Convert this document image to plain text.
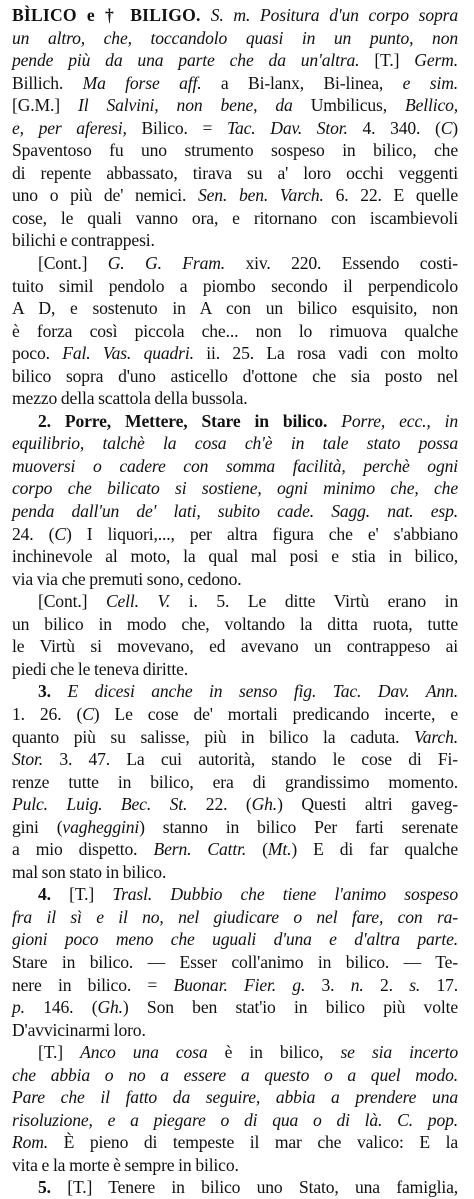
BÌLICO e † BILIGO. S. m. Positura d'un corpo sopra
un altro, che, toccandolo quasi in un punto, non
pende più da una parte che da un'altra. [T.] Germ.
Billich. Ma forse aff. a Bi-lanx, Bi-linea, e sim.
[G.M.] Il Salvini, non bene, da Umbilicus, Bellico,
e, per aferesi, Bilico. = Tac. Dav. Stor. 4. 340. (C)
Spaventoso fu uno strumento sospeso in bilico, che
di repente abbassato, tirava su a' loro occhi veggenti
uno o più de' nemici. Sen. ben. Varch. 6. 22. E quelle
cose, le quali vanno ora, e ritornano con iscambievoli
bilichi e contrappesi.
[Cont.] G. G. Fram. xiv. 220. Essendo costi-
tuito simil pendolo a piombo secondo il perpendicolo
A D, e sostenuto in A con un bilico esquisito, non
è forza così piccola che... non lo rimuova qualche
poco. Fal. Vas. quadri. ii. 25. La rosa vadi con molto
bilico sopra d'uno asticello d'ottone che sia posto nel
mezzo della scattola della bussola.
2. Porre, Mettere, Stare in bilico. Porre, ecc., in
equilibrio, talchè la cosa ch'è in tale stato possa
muoversi o cadere con somma facilità, perchè ogni
corpo che bilicato si sostiene, ogni minimo che, che
penda dall'un de' lati, subito cade. Sagg. nat. esp.
24. (C) I liquori,..., per altra figura che e' s'abbiano
inchinevole al moto, la qual mal posi e stia in bilico,
via via che premuti sono, cedono.
[Cont.] Cell. V. i. 5. Le ditte Virtù erano in
un bilico in modo che, voltando la ditta ruota, tutte
le Virtù si movevano, ed avevano un contrappeso ai
piedi che le teneva diritte.
3. E dicesi anche in senso fig. Tac. Dav. Ann.
1. 26. (C) Le cose de' mortali predicando incerte, e
quanto più su salisse, più in bilico la caduta. Varch.
Stor. 3. 47. La cui autorità, stando le cose di Fi-
renze tutte in bilico, era di grandissimo momento.
Pulc. Luig. Bec. St. 22. (Gh.) Questi altri gaveg-
gini (vagheggini) stanno in bilico Per farti serenate
a mio dispetto. Bern. Cattr. (Mt.) E di far qualche
mal son stato in bilico.
4. [T.] Trasl. Dubbio che tiene l'animo sospeso
fra il sì e il no, nel giudicare o nel fare, con ra-
gioni poco meno che uguali d'una e d'altra parte.
Stare in bilico. — Esser coll'animo in bilico. — Te-
nere in bilico. = Buonar. Fier. g. 3. n. 2. s. 17.
p. 146. (Gh.) Son ben stat'io in bilico più volte
D'avvicinarmi loro.
[T.] Anco una cosa è in bilico, se sia incerto
che abbia o no a essere a questo o a quel modo.
Pare che il fatto da seguire, abbia a prendere una
risoluzione, e a piegare o di qua o di là. C. pop.
Rom. È pieno di tempeste il mar che valico: E la
vita e la morte è sempre in bilico.
5. [T.] Tenere in bilico uno Stato, una famiglia,
